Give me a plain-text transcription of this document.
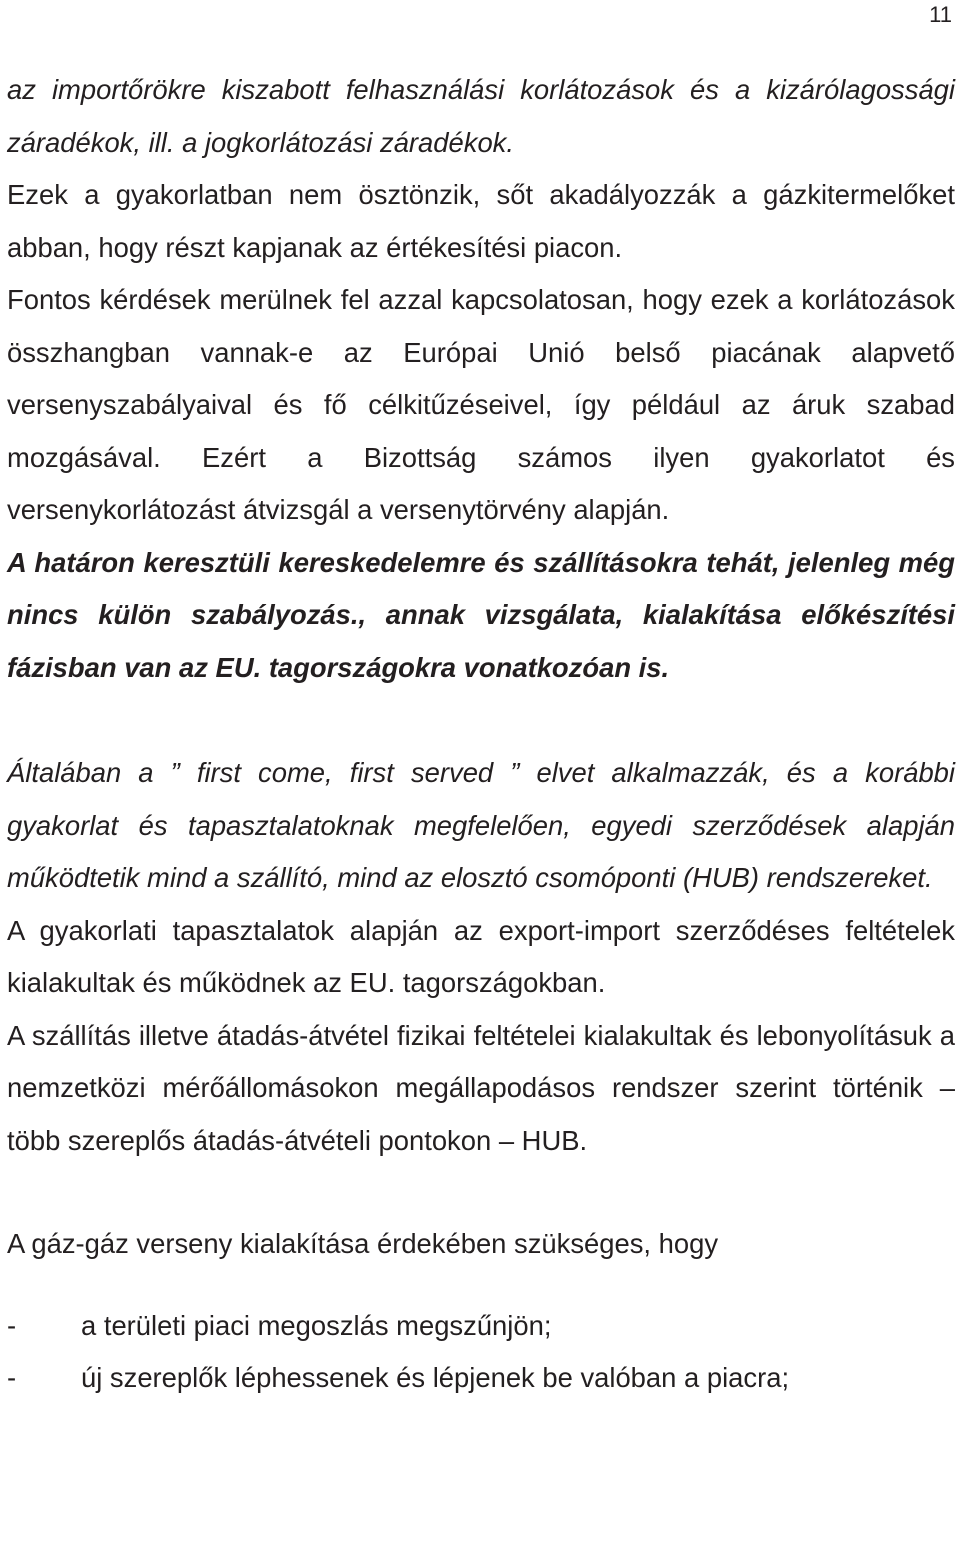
11

az importőrökre kiszabott felhasználási korlátozások és a kizárólagossági záradékok, ill. a jogkorlátozási záradékok.

Ezek a gyakorlatban nem ösztönzik, sőt akadályozzák a gázkitermelőket abban, hogy részt kapjanak az értékesítési piacon.

Fontos kérdések merülnek fel azzal kapcsolatosan, hogy ezek a korlátozások összhangban vannak-e az Európai Unió belső piacának alapvető versenyszabályaival és fő célkitűzéseivel, így például az áruk szabad mozgásával. Ezért a Bizottság számos ilyen gyakorlatot és versenykorlátozást átvizsgál a versenytörvény alapján.

A határon keresztüli kereskedelemre és szállításokra tehát, jelenleg még nincs külön szabályozás., annak vizsgálata, kialakítása előkészítési fázisban van az EU. tagországokra vonatkozóan is.

Általában a ” first come, first served ” elvet alkalmazzák, és a korábbi gyakorlat és tapasztalatoknak megfelelően, egyedi szerződések alapján működtetik mind a szállító, mind az elosztó csomóponti (HUB) rendszereket.

A gyakorlati tapasztalatok alapján az export-import szerződéses feltételek kialakultak és működnek az EU. tagországokban.

A szállítás illetve átadás-átvétel fizikai feltételei kialakultak és lebonyolításuk a nemzetközi mérőállomásokon megállapodásos rendszer szerint történik – több szereplős átadás-átvételi pontokon – HUB.

A gáz-gáz verseny kialakítása érdekében szükséges, hogy

-	a területi piaci megoszlás megszűnjön;
-	új szereplők léphessenek és lépjenek be valóban a piacra;
